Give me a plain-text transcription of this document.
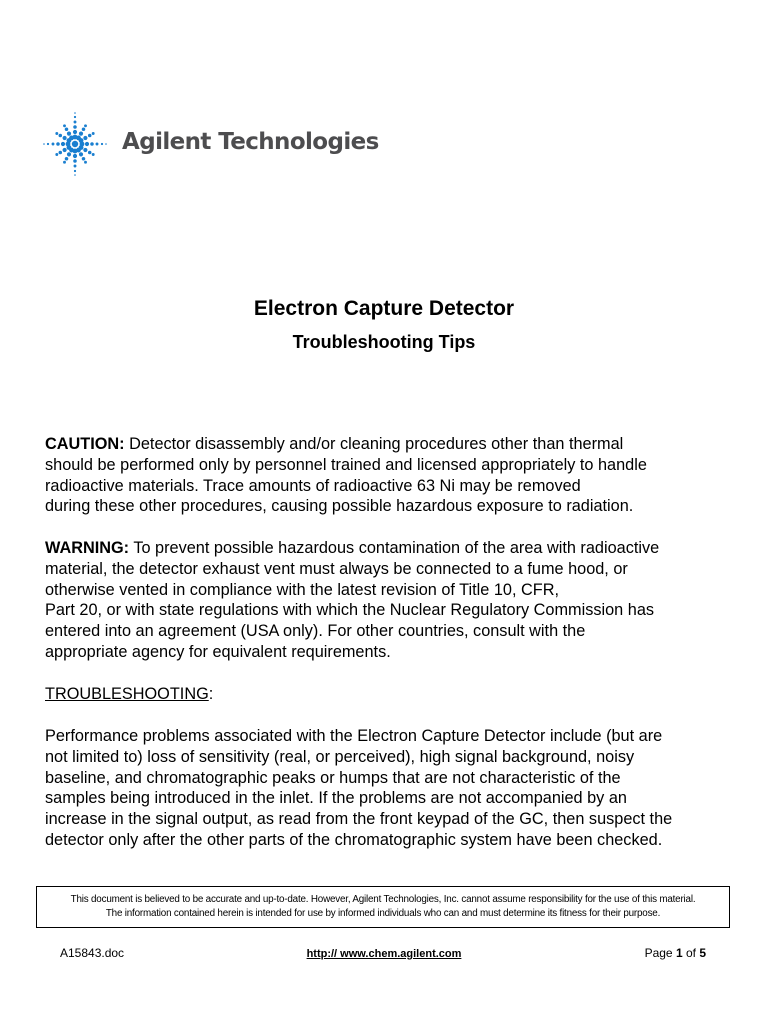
Agilent Technologies
Electron Capture Detector
Troubleshooting Tips
CAUTION: Detector disassembly and/or cleaning procedures other than thermal
should be performed only by personnel trained and licensed appropriately to handle
radioactive materials. Trace amounts of radioactive 63 Ni may be removed
during these other procedures, causing possible hazardous exposure to radiation.
WARNING: To prevent possible hazardous contamination of the area with radioactive
material, the detector exhaust vent must always be connected to a fume hood, or
otherwise vented in compliance with the latest revision of Title 10, CFR,
Part 20, or with state regulations with which the Nuclear Regulatory Commission has
entered into an agreement (USA only). For other countries, consult with the
appropriate agency for equivalent requirements.
TROUBLESHOOTING:
Performance problems associated with the Electron Capture Detector include (but are
not limited to) loss of sensitivity (real, or perceived), high signal background, noisy
baseline, and chromatographic peaks or humps that are not characteristic of the
samples being introduced in the inlet. If the problems are not accompanied by an
increase in the signal output, as read from the front keypad of the GC, then suspect the
detector only after the other parts of the chromatographic system have been checked.
This document is believed to be accurate and up-to-date. However, Agilent Technologies, Inc. cannot assume responsibility for the use of this material.
The information contained herein is intended for use by informed individuals who can and must determine its fitness for their purpose.
A15843.doc	http:// www.chem.agilent.com	Page 1 of 5
